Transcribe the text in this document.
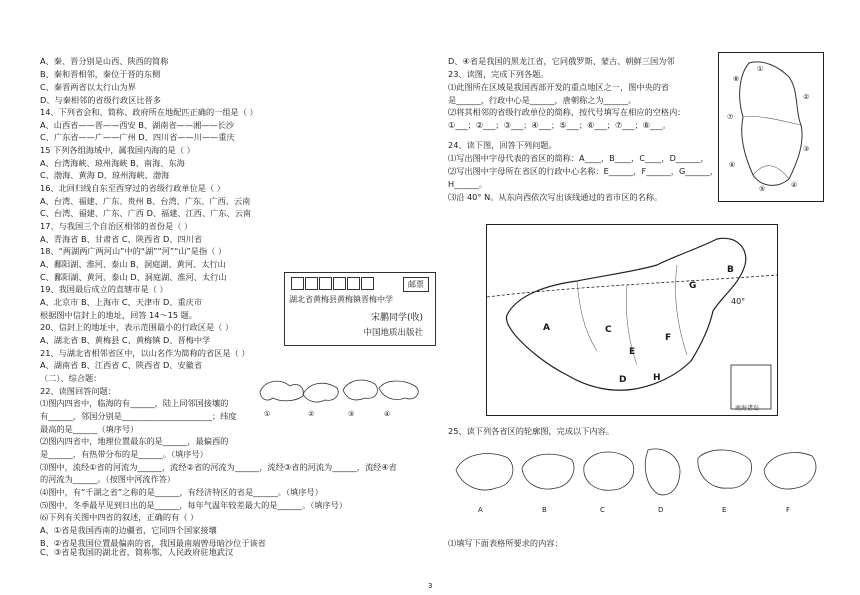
A、秦、晋分别是山西、陕西的简称
B、秦和晋相邻，秦位于晋的东侧
C、秦晋两省以太行山为界
D、与秦相邻的省级行政区比晋多
14、下列省会和、简称、政府所在地配匹正确的一组是（ ）
A、山西省——晋——西安 B、湖南省——湘——长沙
C、广东省——广——广州 D、四川省——川——重庆
15 下列各组海域中，属我国内海的是（ ）
A、台湾海峡、琼州海峡 B、南海、东海
C、渤海、黄海 D、琼州海峡、渤海
16、北回归线自东至西穿过的省级行政单位是（ ）
A、台湾、福建、广东、贵州 B、台湾、广东、广西、云南
C、台湾、福建、广东、广西 D、福建、江西、广东、云南
17、与我国三个自治区相邻的省份是（ ）
A、青海省 B、甘肃省 C、陕西省 D、四川省
18、“两湖两广两河山”中的“湖”“河”“山”是指（ ）
A、鄱阳湖、淮河、泰山 B、洞庭湖、黄河、太行山
C、鄱阳湖、黄河、泰山 D、洞庭湖、淮河、太行山
19、我国最后成立的直辖市是（ ）
A、北京市 B、上海市 C、天津市 D、重庆市
根据图中信封上的地址，回答 14～15 题。
20、信封上的地址中，表示范围最小的行政区是（ ）
A、湖北省 B、黄梅县 C、黄梅镇 D、晋梅中学
21、与湖北省相邻省区中，以山名作为简称的省区是（ ）
A、湖南省 B、江西省 C、陕西省 D、安徽省
（二）、综合题：
22、读图回答问题：
⑴图内四省中，临海的有______，陆上同邻国接壤的
有______，邻国分别是______________________；纬度
最高的是______（填序号）
⑵图内四省中，地理位置最东的是______，最偏西的
是______，有热带分布的是______。（填序号）
⑶图中，流经①省的河流为______，流经②省的河流为______，流经③省的河流为______，流经④省
的河流为______。（按图中河流作答）
⑷图中，有“千湖之省”之称的是______，有经济特区的省是______。（填序号）
⑸图中，冬季最早见到日出的是______，每年气温年较差最大的是______。（填序号）
⑹下列有关图中四省的叙述，正确的有（ ）
A、①省是我国西南的边疆省，它同四个国家接壤
B、②省是我国位置最偏南的省，我国最南端曾母暗沙位于该省
C、③省是我国的湖北省，简称鄂，人民政府驻地武汉
D、④省是我国的黑龙江省，它同俄罗斯、蒙古、朝鲜三国为邻
23、读图，完成下列各题。
⑴此图所在区域是我国西部开发的重点地区之一，图中央的省
是______，行政中心是______，唐朝称之为______。
⑵将其相邻的省级行政单位的简称，按代号填写在相应的空格内：
①___；②___；③___；④___；⑤___；⑥___；⑦___；⑧___。
24、读下图，回答下列问题。
⑴写出图中字母代表的省区的简称：A____，B____，C____，D______，
⑵写出图中字母所在省区的行政中心名称：E______，F______，G______，
H______。
⑶沿 40° N。从东向西依次写出该线通过的省市区的名称。
25、读下列各省区的轮廓图，完成以下内容。
⑴填写下面表格所要求的内容：
邮票
湖北省黄梅县黄梅镇晋梅中学
宋鹏同学(收)
中国地质出版社
①	②	③	④
①
②
③
④
⑤
⑥
⑦
⑧
A
B
C
D
E
F
G
H
40°
南海诸岛
A	B	C	D	E	F
3
